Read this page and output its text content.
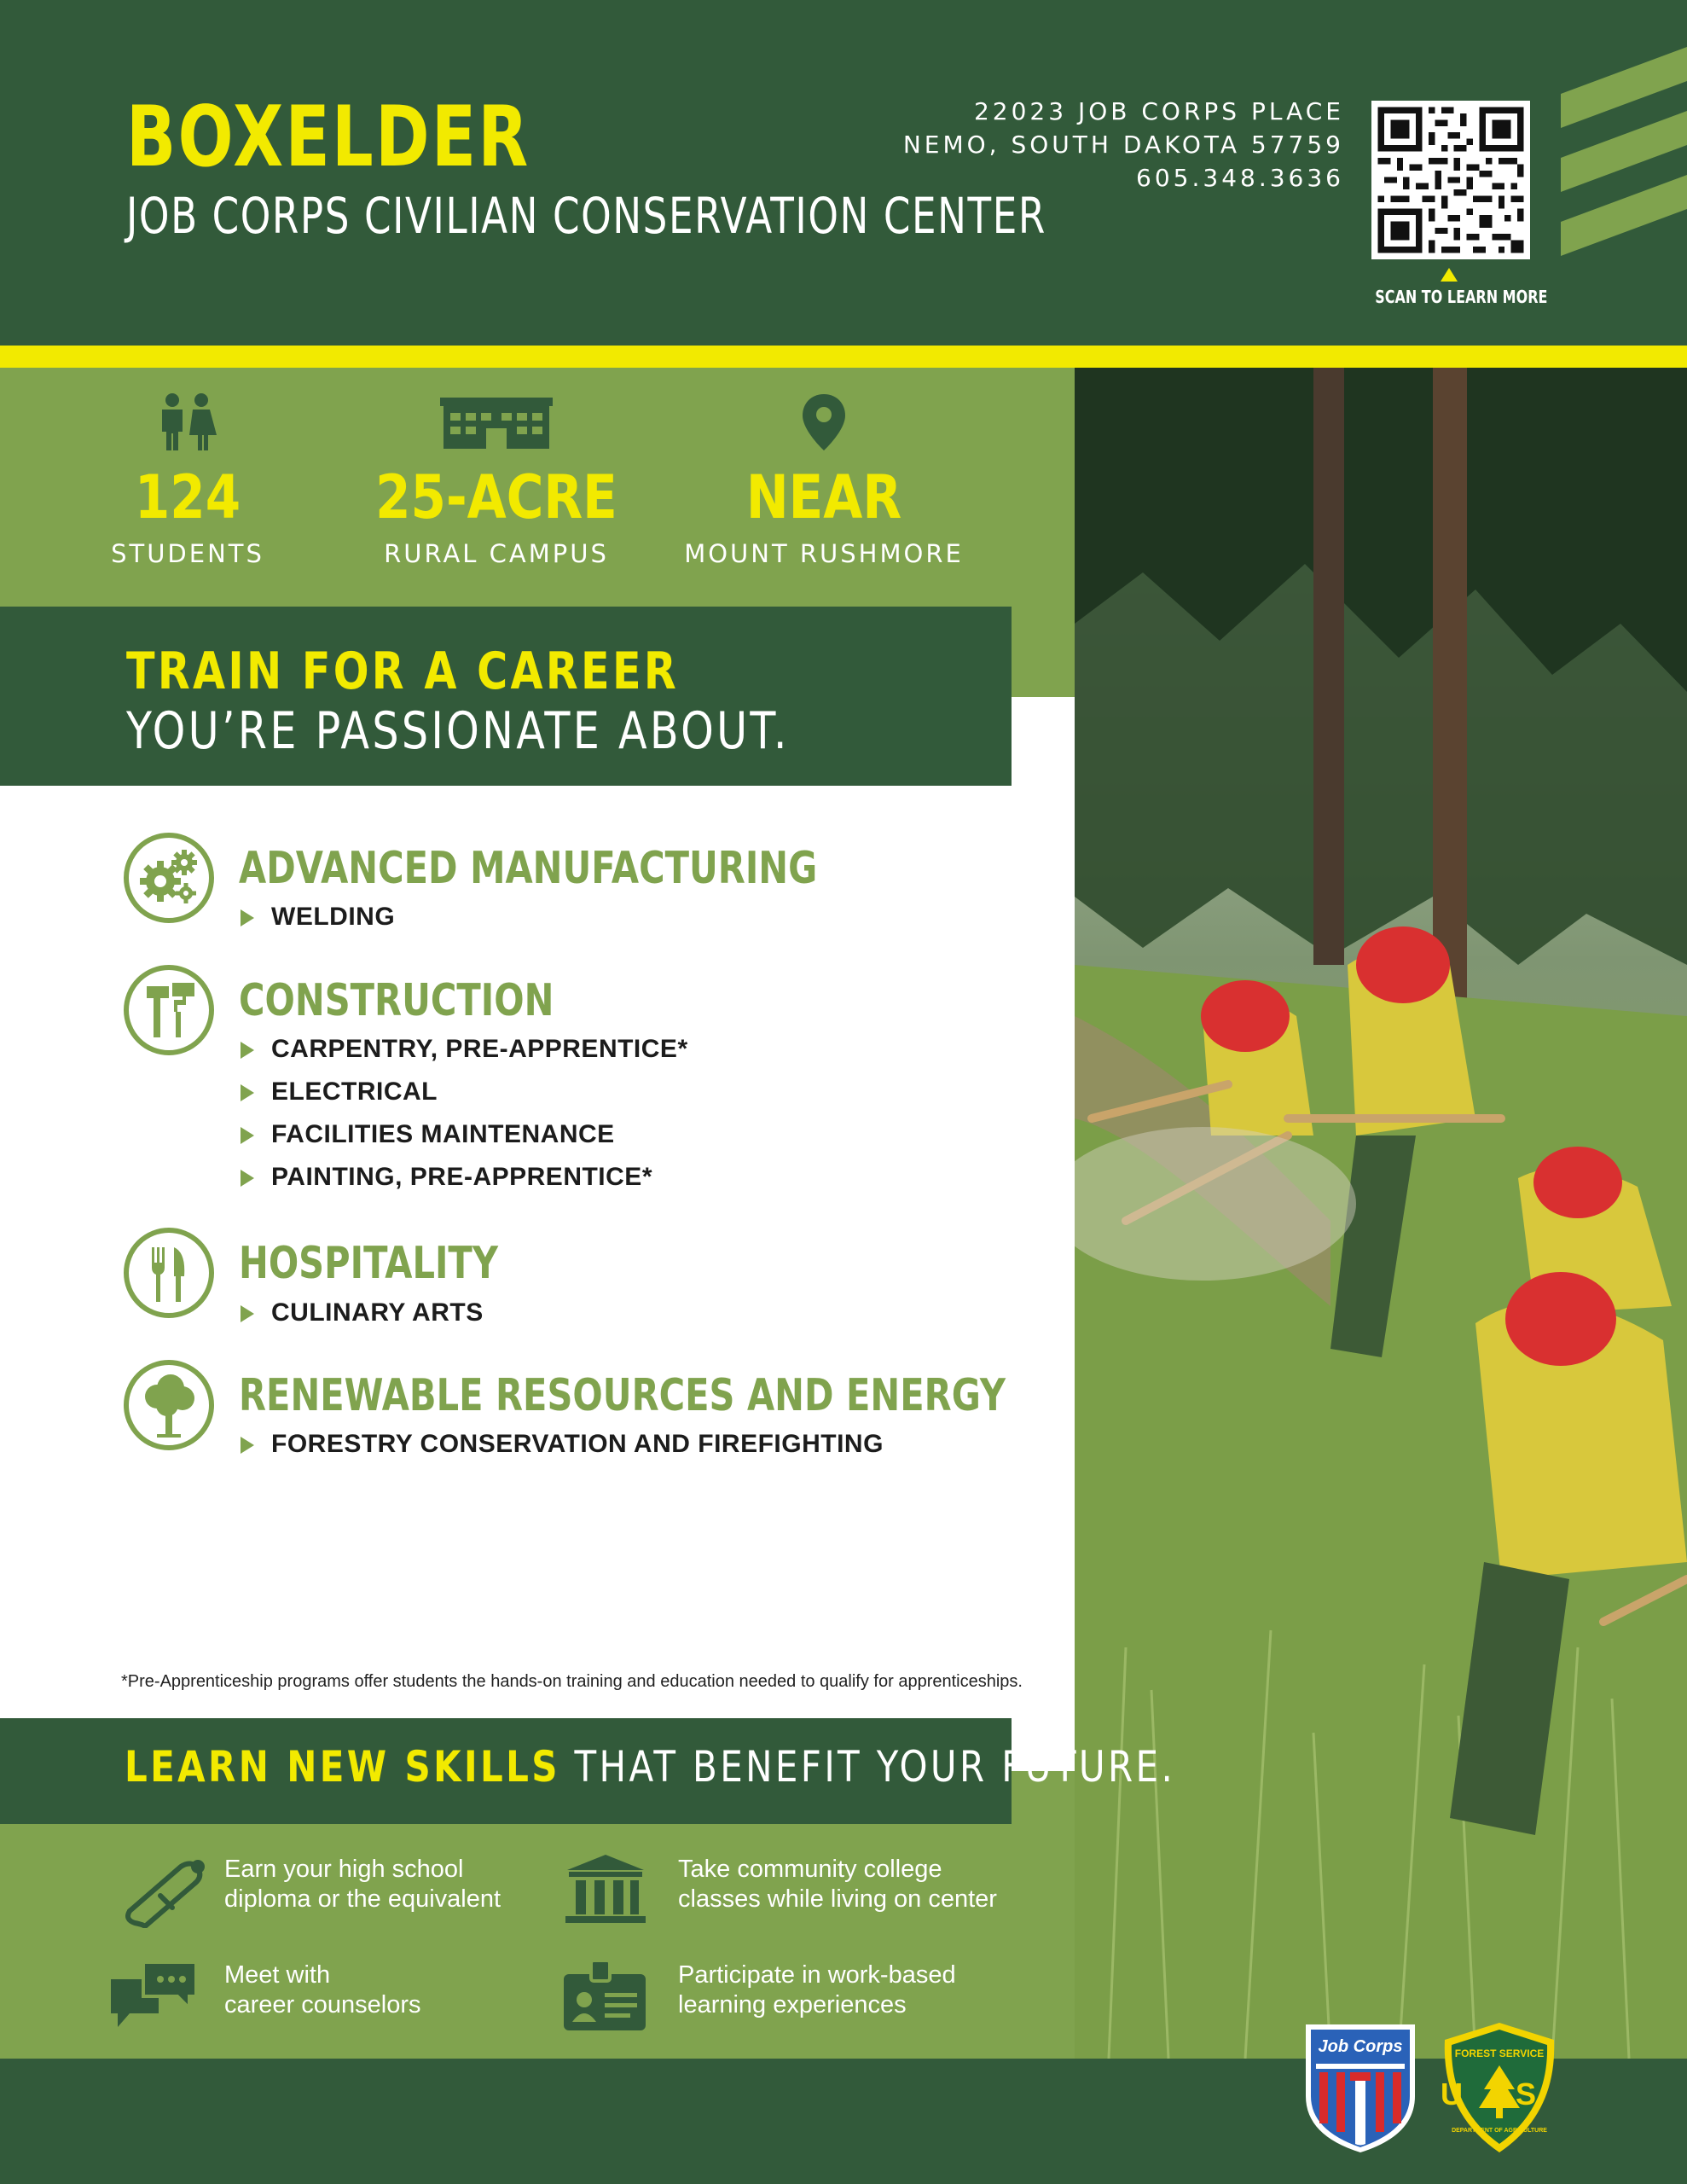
BOXELDER
JOB CORPS CIVILIAN CONSERVATION CENTER
22023 JOB CORPS PLACE
NEMO, SOUTH DAKOTA 57759
605.348.3636
SCAN TO LEARN MORE
124
STUDENTS
25-ACRE
RURAL CAMPUS
NEAR
MOUNT RUSHMORE
TRAIN FOR A CAREER
YOU’RE PASSIONATE ABOUT.
ADVANCED MANUFACTURING
WELDING
CONSTRUCTION
CARPENTRY, PRE-APPRENTICE*
ELECTRICAL
FACILITIES MAINTENANCE
PAINTING, PRE-APPRENTICE*
HOSPITALITY
CULINARY ARTS
RENEWABLE RESOURCES AND ENERGY
FORESTRY CONSERVATION AND FIREFIGHTING
*Pre-Apprenticeship programs offer students the hands-on training and education needed to qualify for apprenticeships.
LEARN NEW SKILLS THAT BENEFIT YOUR FUTURE.
Earn your high school
diploma or the equivalent
Take community college
classes while living on center
Meet with
career counselors
Participate in work-based
learning experiences
Job Corps	FOREST SERVICE
U S
DEPARTMENT OF AGRICULTURE
